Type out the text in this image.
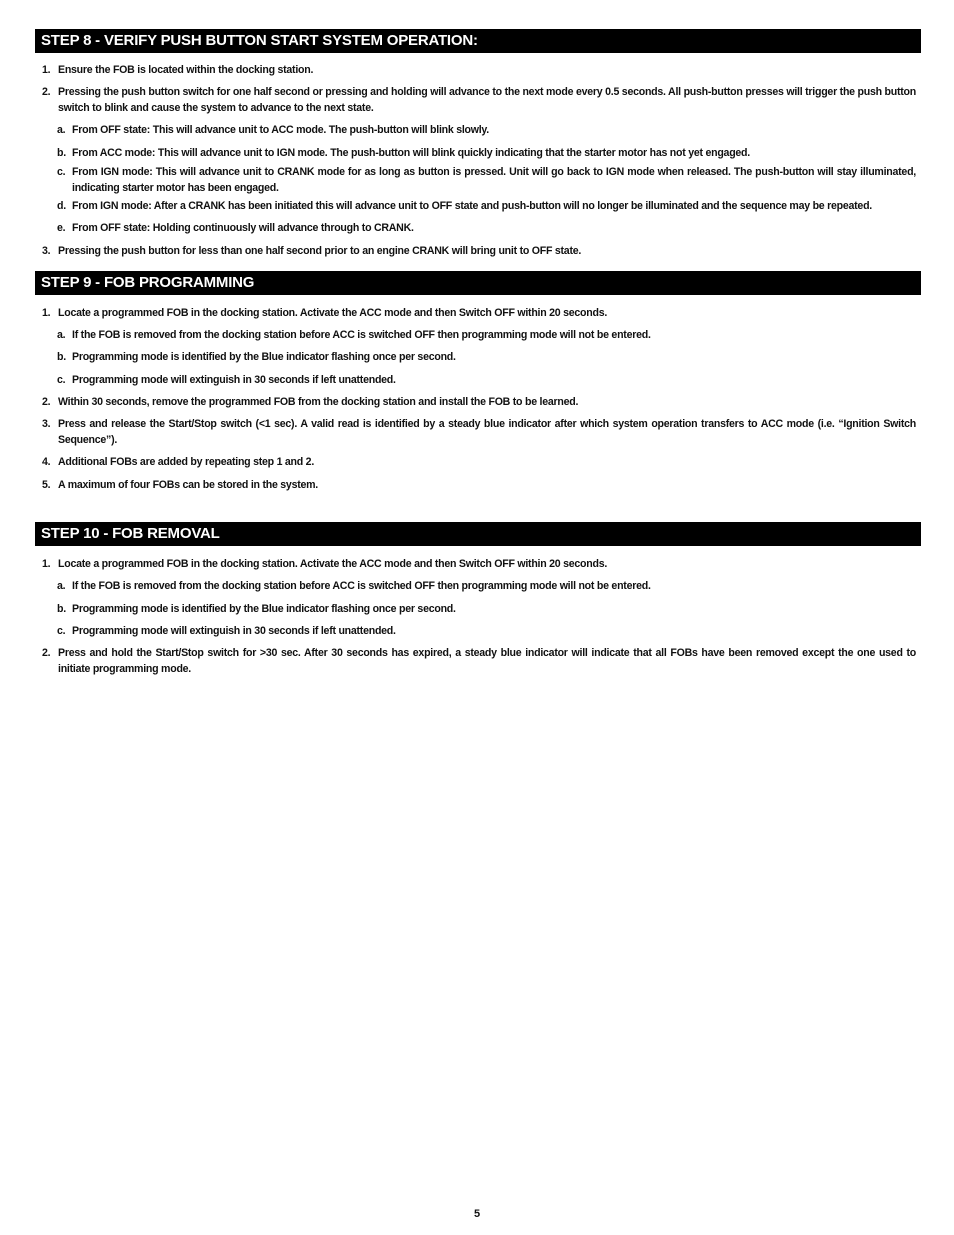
STEP 8 - VERIFY PUSH BUTTON START SYSTEM OPERATION:
1. Ensure the FOB is located within the docking station.
2. Pressing the push button switch for one half second or pressing and holding will advance to the next mode every 0.5 seconds. All push-button presses will trigger the push button switch to blink and cause the system to advance to the next state.
a. From OFF state: This will advance unit to ACC mode. The push-button will blink slowly.
b. From ACC mode: This will advance unit to IGN mode. The push-button will blink quickly indicating that the starter motor has not yet engaged.
c. From IGN mode: This will advance unit to CRANK mode for as long as button is pressed. Unit will go back to IGN mode when released. The push-button will stay illuminated, indicating starter motor has been engaged.
d. From IGN mode: After a CRANK has been initiated this will advance unit to OFF state and push-button will no longer be illuminated and the sequence may be repeated.
e. From OFF state: Holding continuously will advance through to CRANK.
3. Pressing the push button for less than one half second prior to an engine CRANK will bring unit to OFF state.
STEP 9 - FOB PROGRAMMING
1. Locate a programmed FOB in the docking station. Activate the ACC mode and then Switch OFF within 20 seconds.
a. If the FOB is removed from the docking station before ACC is switched OFF then programming mode will not be entered.
b. Programming mode is identified by the Blue indicator flashing once per second.
c. Programming mode will extinguish in 30 seconds if left unattended.
2. Within 30 seconds, remove the programmed FOB from the docking station and install the FOB to be learned.
3. Press and release the Start/Stop switch (<1 sec). A valid read is identified by a steady blue indicator after which system operation transfers to ACC mode (i.e. “Ignition Switch Sequence”).
4. Additional FOBs are added by repeating step 1 and 2.
5. A maximum of four FOBs can be stored in the system.
STEP 10 - FOB REMOVAL
1. Locate a programmed FOB in the docking station. Activate the ACC mode and then Switch OFF within 20 seconds.
a. If the FOB is removed from the docking station before ACC is switched OFF then programming mode will not be entered.
b. Programming mode is identified by the Blue indicator flashing once per second.
c. Programming mode will extinguish in 30 seconds if left unattended.
2. Press and hold the Start/Stop switch for >30 sec. After 30 seconds has expired, a steady blue indicator will indicate that all FOBs have been removed except the one used to initiate programming mode.
5
